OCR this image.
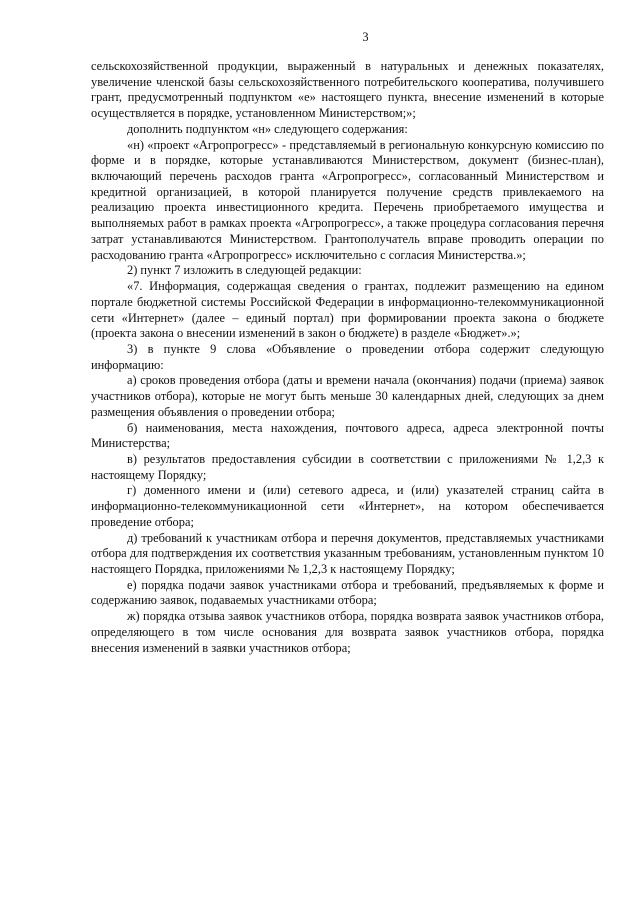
3

сельскохозяйственной продукции, выраженный в натуральных и денежных показателях, увеличение членской базы сельскохозяйственного потребительского кооператива, получившего грант, предусмотренный подпунктом «е» настоящего пункта, внесение изменений в которые осуществляется в порядке, установленном Министерством;»;

дополнить подпунктом «н» следующего содержания:

«н) «проект «Агропрогресс» - представляемый в региональную конкурсную комиссию по форме и в порядке, которые устанавливаются Министерством, документ (бизнес-план), включающий перечень расходов гранта «Агропрогресс», согласованный Министерством и кредитной организацией, в которой планируется получение средств привлекаемого на реализацию проекта инвестиционного кредита. Перечень приобретаемого имущества и выполняемых работ в рамках проекта «Агропрогресс», а также процедура согласования перечня затрат устанавливаются Министерством. Грантополучатель вправе проводить операции по расходованию гранта «Агропрогресс» исключительно с согласия Министерства.»;

2) пункт 7 изложить в следующей редакции:

«7. Информация, содержащая сведения о грантах, подлежит размещению на едином портале бюджетной системы Российской Федерации в информационно-телекоммуникационной сети «Интернет» (далее – единый портал) при формировании проекта закона о бюджете (проекта закона о внесении изменений в закон о бюджете) в разделе «Бюджет».»;

3) в пункте 9 слова «Объявление о проведении отбора содержит следующую информацию:

а) сроков проведения отбора (даты и времени начала (окончания) подачи (приема) заявок участников отбора), которые не могут быть меньше 30 календарных дней, следующих за днем размещения объявления о проведении отбора;

б) наименования, места нахождения, почтового адреса, адреса электронной почты Министерства;

в) результатов предоставления субсидии в соответствии с приложениями № 1,2,3 к настоящему Порядку;

г) доменного имени и (или) сетевого адреса, и (или) указателей страниц сайта в информационно-телекоммуникационной сети «Интернет», на котором обеспечивается проведение отбора;

д) требований к участникам отбора и перечня документов, представляемых участниками отбора для подтверждения их соответствия указанным требованиям, установленным пунктом 10 настоящего Порядка, приложениями № 1,2,3 к настоящему Порядку;

е) порядка подачи заявок участниками отбора и требований, предъявляемых к форме и содержанию заявок, подаваемых участниками отбора;

ж) порядка отзыва заявок участников отбора, порядка возврата заявок участников отбора, определяющего в том числе основания для возврата заявок участников отбора, порядка внесения изменений в заявки участников отбора;
